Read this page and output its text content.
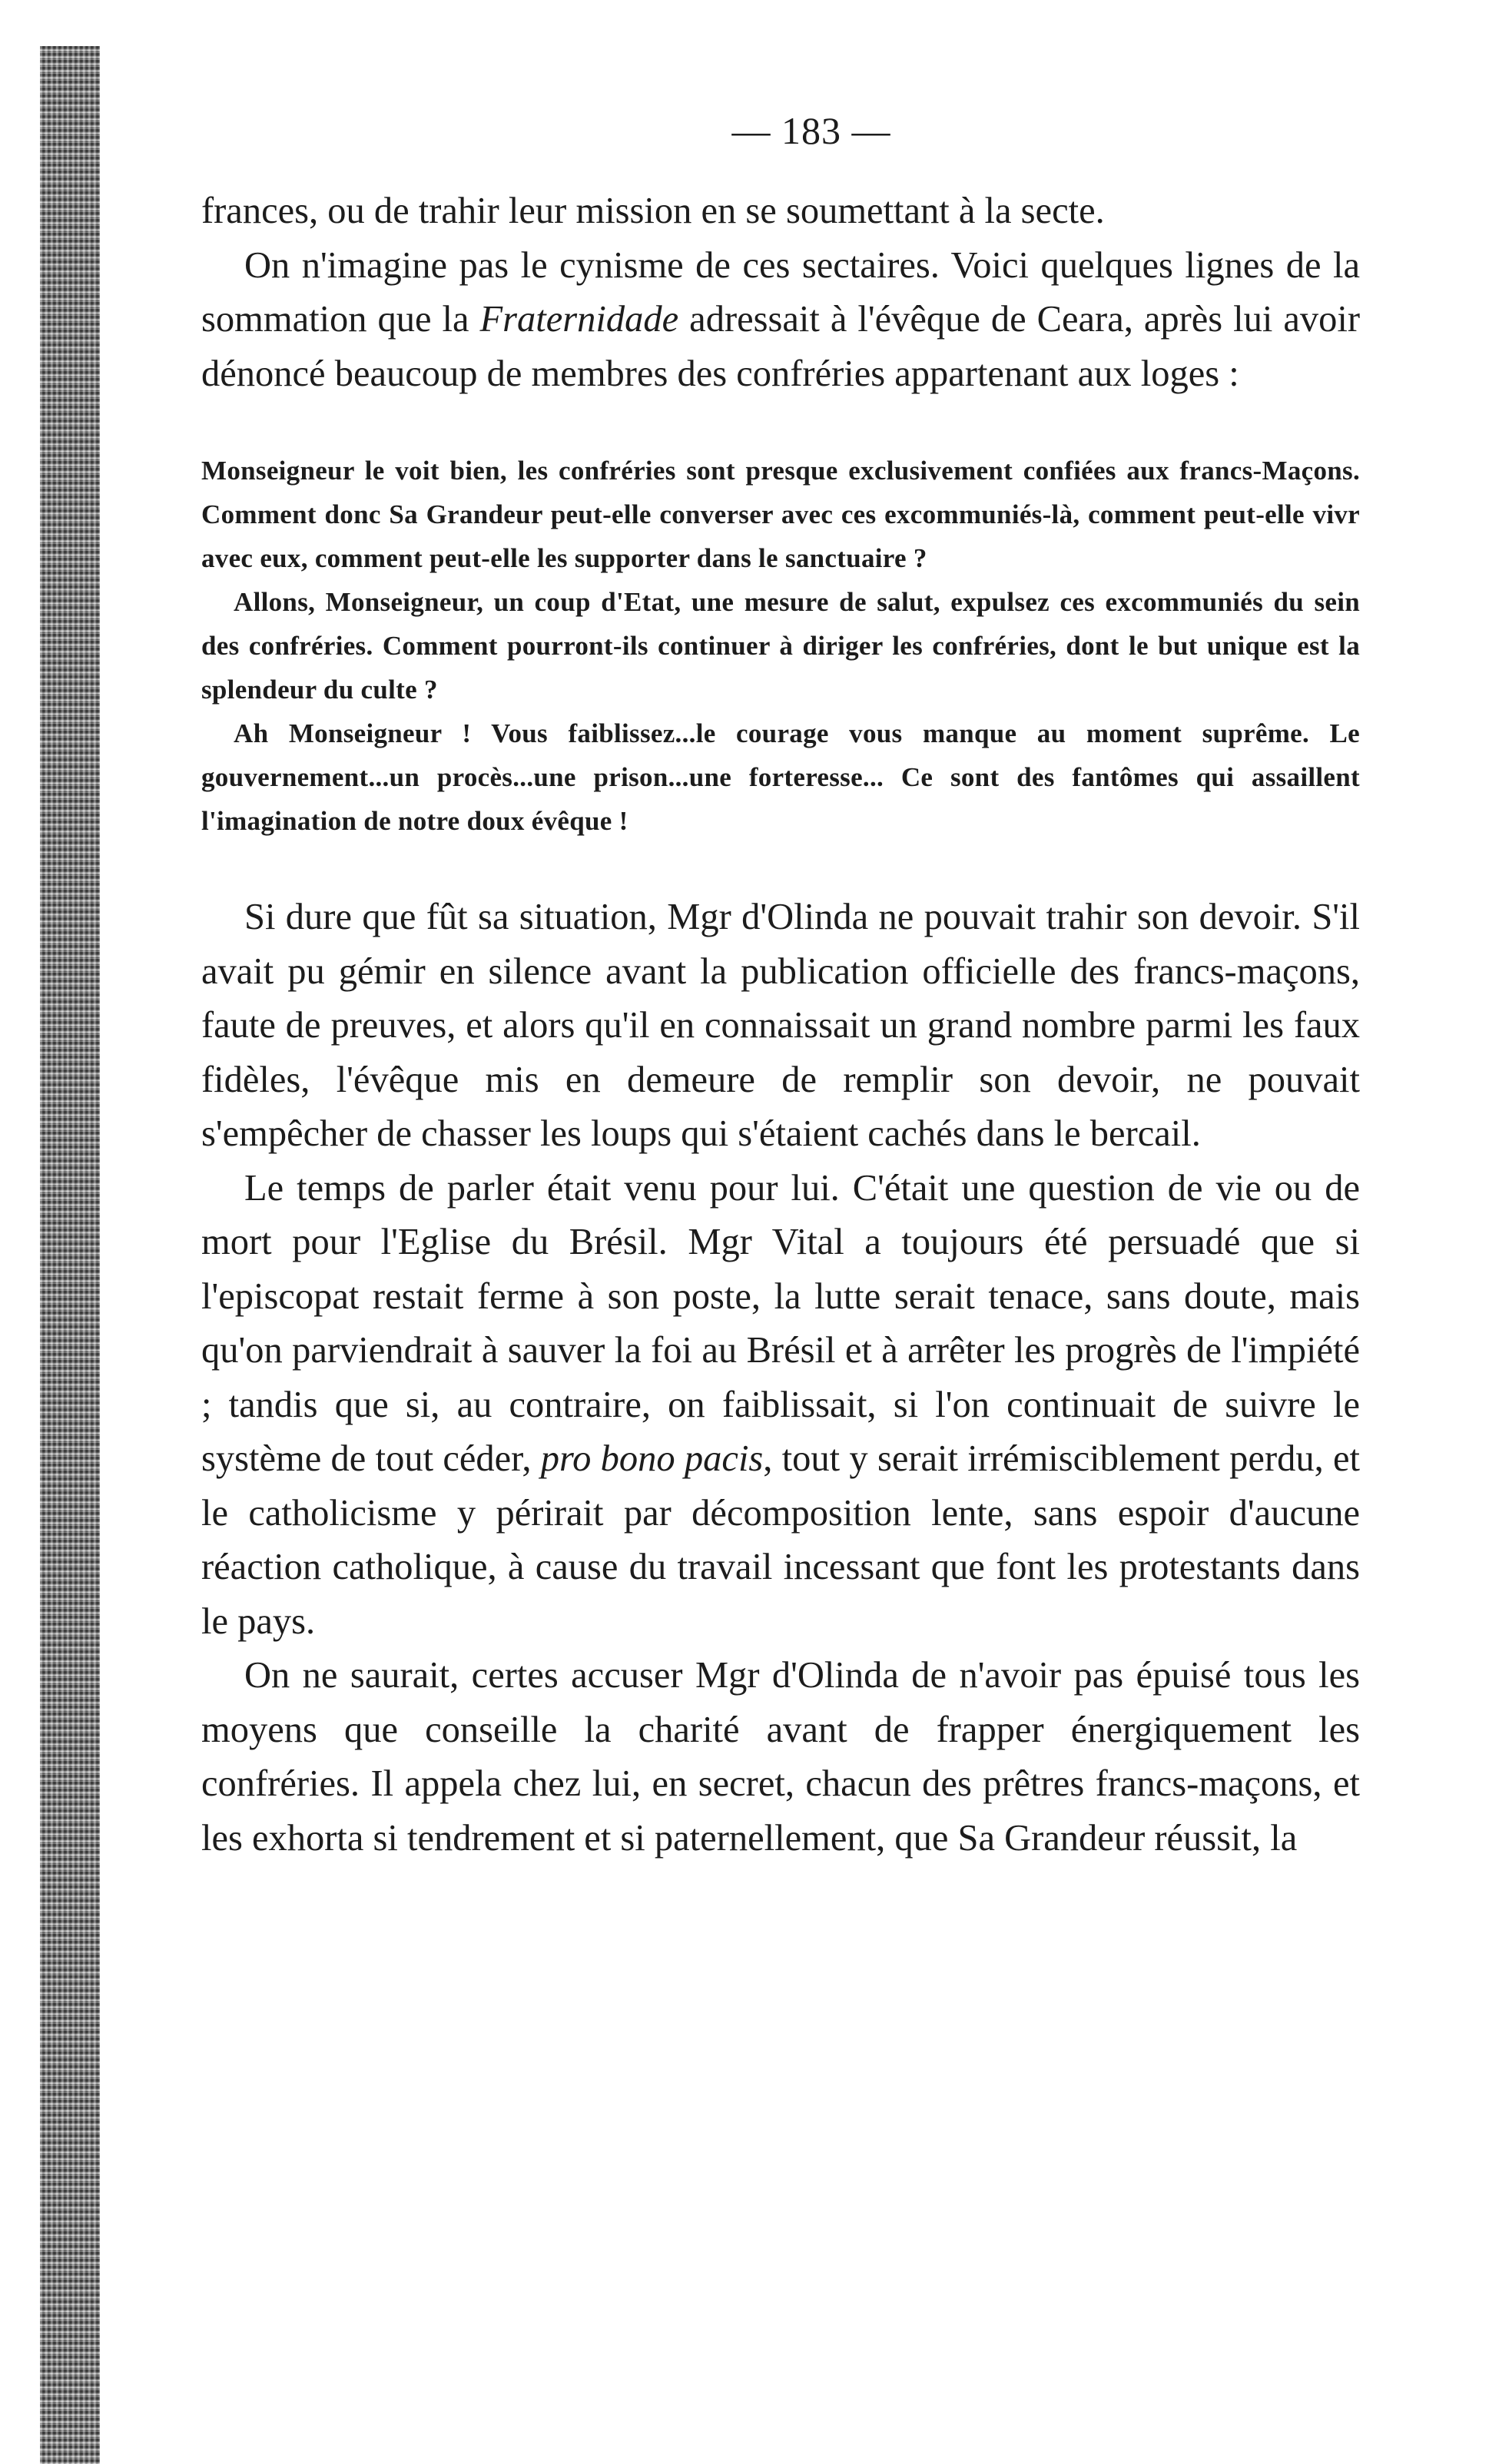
— 183 —

frances, ou de trahir leur mission en se soumettant à la secte.

On n'imagine pas le cynisme de ces sectaires. Voici quelques lignes de la sommation que la Fraternidade adressait à l'évêque de Ceara, après lui avoir dénoncé beaucoup de membres des confréries appartenant aux loges :

Monseigneur le voit bien, les confréries sont presque exclusivement confiées aux francs-Maçons. Comment donc Sa Grandeur peut-elle converser avec ces excommuniés-là, comment peut-elle vivr avec eux, comment peut-elle les supporter dans le sanctuaire ?

Allons, Monseigneur, un coup d'Etat, une mesure de salut, expulsez ces excommuniés du sein des confréries. Comment pourront-ils continuer à diriger les confréries, dont le but unique est la splendeur du culte ?

Ah Monseigneur ! Vous faiblissez...le courage vous manque au moment suprême. Le gouvernement...un procès...une prison...une forteresse... Ce sont des fantômes qui assaillent l'imagination de notre doux évêque !

Si dure que fût sa situation, Mgr d'Olinda ne pouvait trahir son devoir. S'il avait pu gémir en silence avant la publication officielle des francs-maçons, faute de preuves, et alors qu'il en connaissait un grand nombre parmi les faux fidèles, l'évêque mis en demeure de remplir son devoir, ne pouvait s'empêcher de chasser les loups qui s'étaient cachés dans le bercail.

Le temps de parler était venu pour lui. C'était une question de vie ou de mort pour l'Eglise du Brésil. Mgr Vital a toujours été persuadé que si l'episcopat restait ferme à son poste, la lutte serait tenace, sans doute, mais qu'on parviendrait à sauver la foi au Brésil et à arrêter les progrès de l'impiété ; tandis que si, au contraire, on faiblissait, si l'on continuait de suivre le système de tout céder, pro bono pacis, tout y serait irrémisciblement perdu, et le catholicisme y périrait par décomposition lente, sans espoir d'aucune réaction catholique, à cause du travail incessant que font les protestants dans le pays.

On ne saurait, certes accuser Mgr d'Olinda de n'avoir pas épuisé tous les moyens que conseille la charité avant de frapper énergiquement les confréries. Il appela chez lui, en secret, chacun des prêtres francs-maçons, et les exhorta si tendrement et si paternellement, que Sa Grandeur réussit, la
